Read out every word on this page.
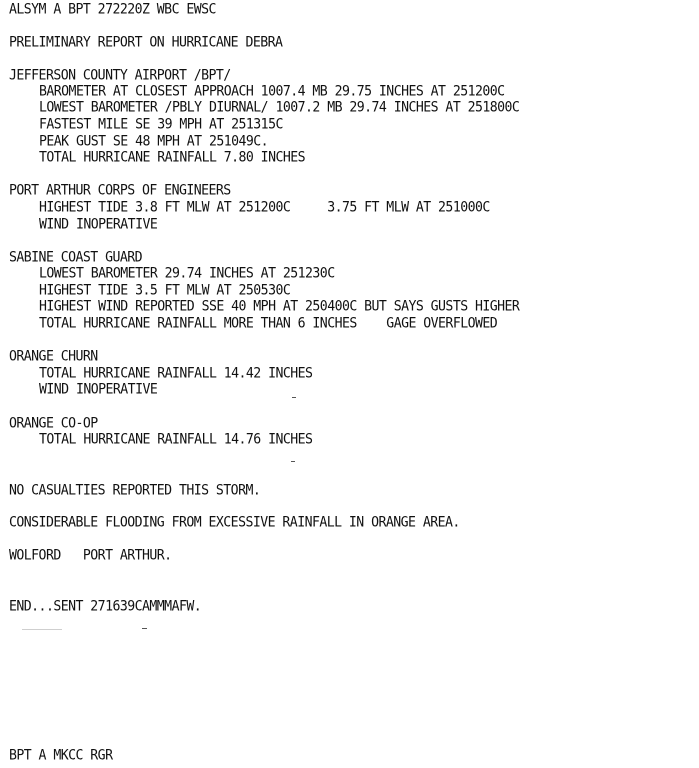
ALSYM A BPT 272220Z WBC EWSC
PRELIMINARY REPORT ON HURRICANE DEBRA
JEFFERSON COUNTY AIRPORT /BPT/
BAROMETER AT CLOSEST APPROACH 1007.4 MB 29.75 INCHES AT 251200C
LOWEST BAROMETER /PBLY DIURNAL/ 1007.2 MB 29.74 INCHES AT 251800C
FASTEST MILE SE 39 MPH AT 251315C
PEAK GUST SE 48 MPH AT 251049C.
TOTAL HURRICANE RAINFALL 7.80 INCHES
PORT ARTHUR CORPS OF ENGINEERS
HIGHEST TIDE 3.8 FT MLW AT 251200C     3.75 FT MLW AT 251000C
WIND INOPERATIVE
SABINE COAST GUARD
LOWEST BAROMETER 29.74 INCHES AT 251230C
HIGHEST TIDE 3.5 FT MLW AT 250530C
HIGHEST WIND REPORTED SSE 40 MPH AT 250400C BUT SAYS GUSTS HIGHER
TOTAL HURRICANE RAINFALL MORE THAN 6 INCHES    GAGE OVERFLOWED
ORANGE CHURN
TOTAL HURRICANE RAINFALL 14.42 INCHES
WIND INOPERATIVE
ORANGE CO-OP
TOTAL HURRICANE RAINFALL 14.76 INCHES
NO CASUALTIES REPORTED THIS STORM.
CONSIDERABLE FLOODING FROM EXCESSIVE RAINFALL IN ORANGE AREA.
WOLFORD   PORT ARTHUR.
END...SENT 271639CAMMMAFW.
BPT A MKCC RGR
